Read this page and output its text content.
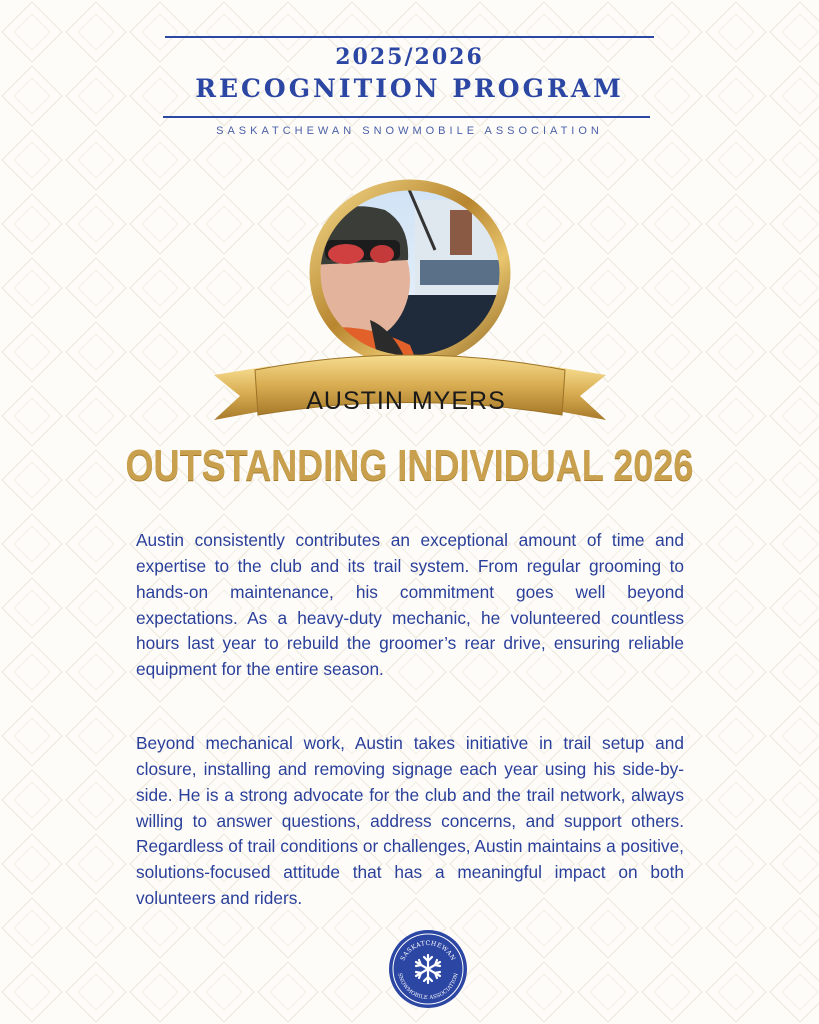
2025/2026
RECOGNITION PROGRAM
SASKATCHEWAN SNOWMOBILE ASSOCIATION
AUSTIN MYERS
OUTSTANDING INDIVIDUAL 2026

Austin consistently contributes an exceptional amount of time and expertise to the club and its trail system. From regular grooming to hands-on maintenance, his commitment goes well beyond expectations. As a heavy-duty mechanic, he volunteered countless hours last year to rebuild the groomer’s rear drive, ensuring reliable equipment for the entire season.

Beyond mechanical work, Austin takes initiative in trail setup and closure, installing and removing signage each year using his side-by-side. He is a strong advocate for the club and the trail network, always willing to answer questions, address concerns, and support others. Regardless of trail conditions or challenges, Austin maintains a positive, solutions-focused attitude that has a meaningful impact on both volunteers and riders.

SASKATCHEWAN
SNOWMOBILE ASSOCIATION
